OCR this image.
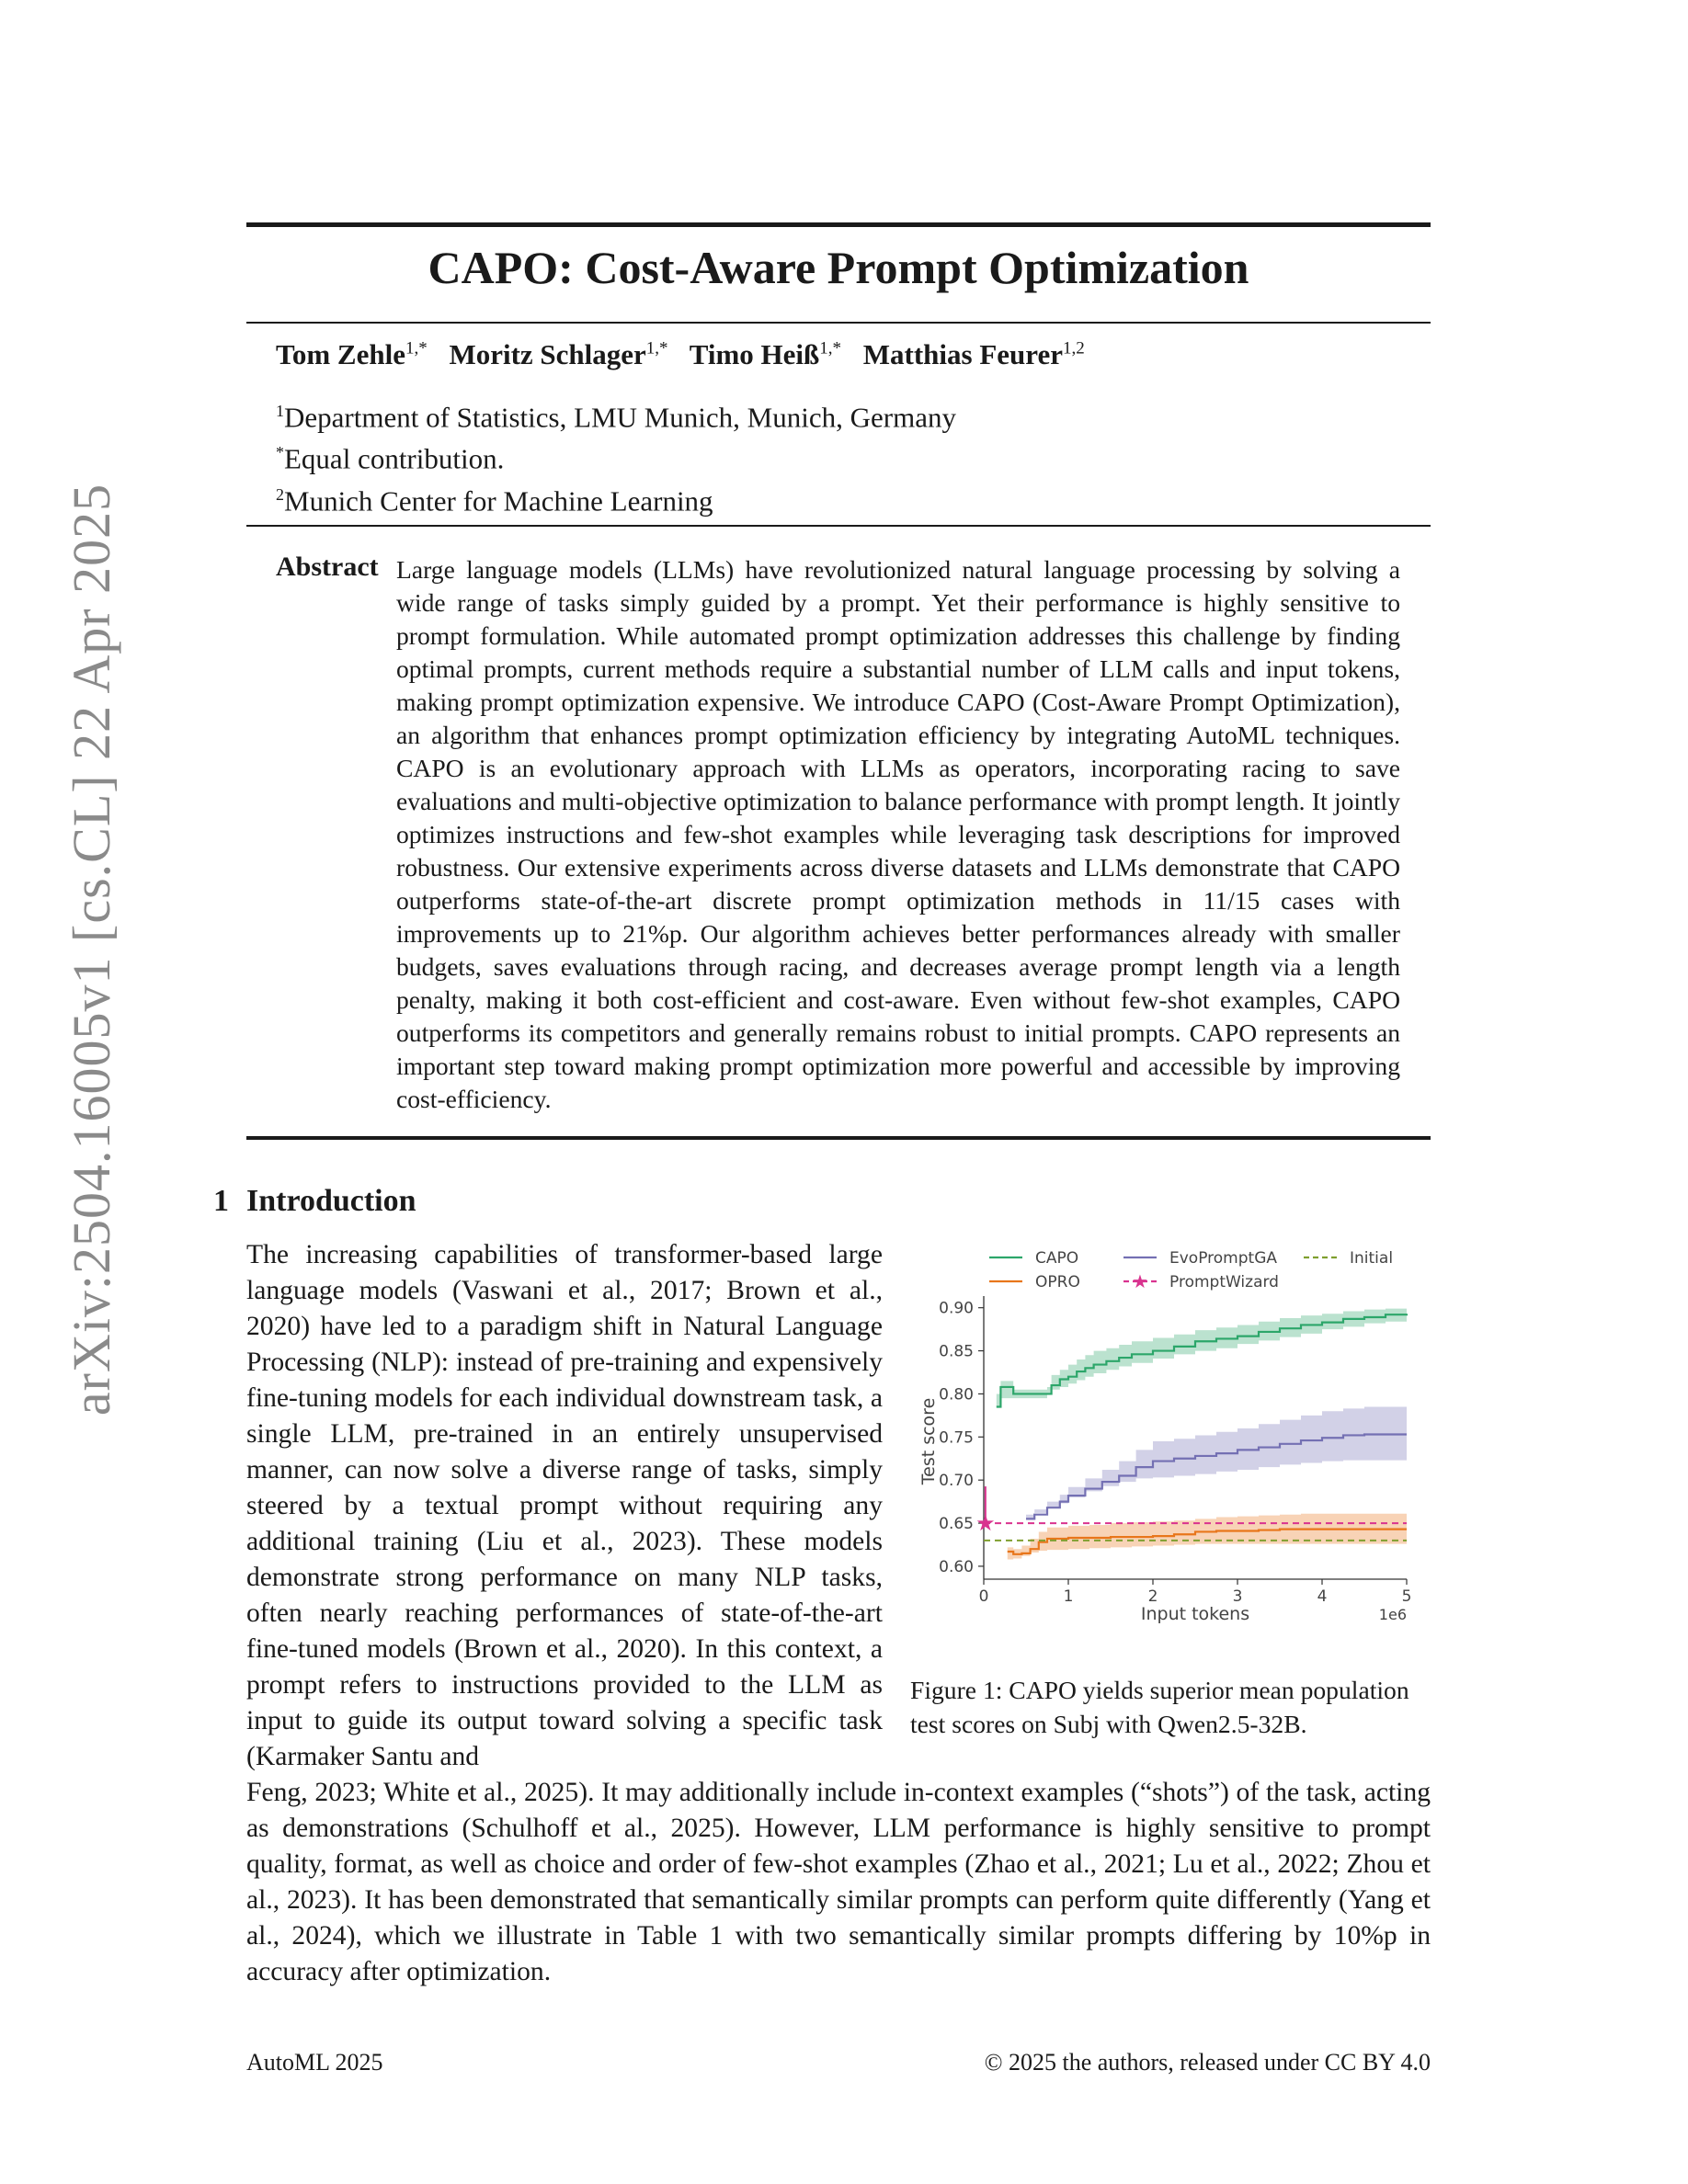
arXiv:2504.16005v1 [cs.CL] 22 Apr 2025
CAPO: Cost-Aware Prompt Optimization
Tom Zehle$^{1,*}$ Moritz Schlager$^{1,*}$ Timo Heiß$^{1,*}$ Matthias Feurer$^{1,2}$
$^1$Department of Statistics, LMU Munich, Munich, Germany
*Equal contribution.
$^2$Munich Center for Machine Learning
Abstract Large language models (LLMs) have revolutionized natural language processing by solving a wide range of tasks simply guided by a prompt. Yet their performance is highly sensitive to prompt formulation. While automated prompt optimization addresses this challenge by finding optimal prompts, current methods require a substantial number of LLM calls and input tokens, making prompt optimization expensive. We introduce CAPO (Cost-Aware Prompt Optimization), an algorithm that enhances prompt optimization efficiency by integrating AutoML techniques. CAPO is an evolutionary approach with LLMs as operators, incorporating racing to save evaluations and multi-objective optimization to balance performance with prompt length. It jointly optimizes instructions and few-shot examples while leveraging task descriptions for improved robustness. Our extensive experiments across diverse datasets and LLMs demonstrate that CAPO outperforms state-of-the-art discrete prompt optimization methods in 11/15 cases with improvements up to 21%p. Our algorithm achieves better performances already with smaller budgets, saves evaluations through racing, and decreases average prompt length via a length penalty, making it both cost-efficient and cost-aware. Even without few-shot examples, CAPO outperforms its competitors and generally remains robust to initial prompts. CAPO represents an important step toward making prompt optimization more powerful and accessible by improving cost-efficiency.
1 Introduction
The increasing capabilities of transformer-based large language models (Vaswani et al., 2017; Brown et al., 2020) have led to a paradigm shift in Natural Language Processing (NLP): instead of pre-training and expensively fine-tuning models for each individual downstream task, a single LLM, pre-trained in an entirely unsupervised manner, can now solve a diverse range of tasks, simply steered by a textual prompt without requiring any additional training (Liu et al., 2023). These models demonstrate strong performance on many NLP tasks, often nearly reaching performances of state-of-the-art fine-tuned models (Brown et al., 2020). In this context, a prompt refers to instructions provided to the LLM as input to guide its output toward solving a specific task (Karmaker Santu and
CAPO
OPRO
EvoPromptGA
★ PromptWizard
Initial
★
0	1	2	3	4	5
0.60
0.65
0.70
0.75
0.80
0.85
0.90
Input tokens
Test score
1e6
Figure 1: CAPO yields superior mean population test scores on Subj with Qwen2.5-32B.
Feng, 2023; White et al., 2025). It may additionally include in-context examples (“shots”) of the task, acting as demonstrations (Schulhoff et al., 2025). However, LLM performance is highly sensitive to prompt quality, format, as well as choice and order of few-shot examples (Zhao et al., 2021; Lu et al., 2022; Zhou et al., 2023). It has been demonstrated that semantically similar prompts can perform quite differently (Yang et al., 2024), which we illustrate in Table 1 with two semantically similar prompts differing by 10%p in accuracy after optimization.
AutoML 2025	© 2025 the authors, released under CC BY 4.0
